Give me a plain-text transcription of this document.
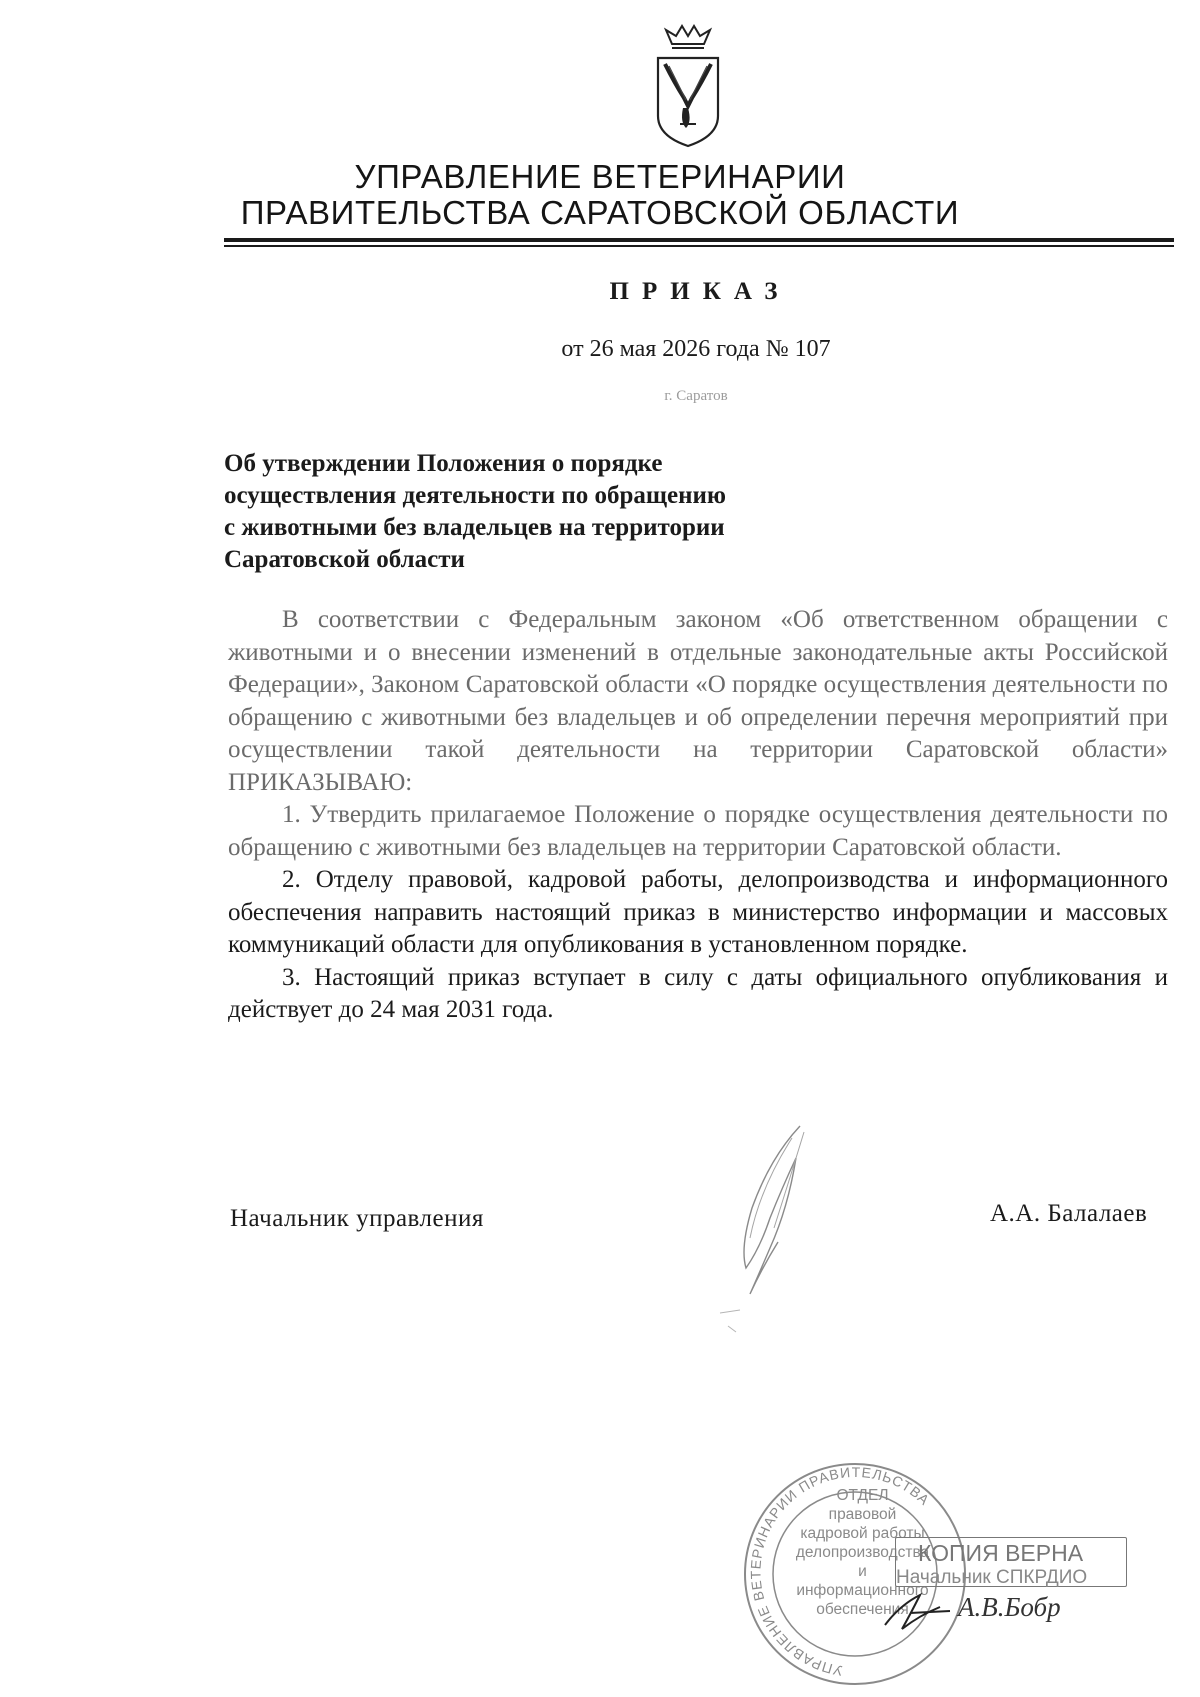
УПРАВЛЕНИЕ ВЕТЕРИНАРИИ
ПРАВИТЕЛЬСТВА САРАТОВСКОЙ ОБЛАСТИ
ПРИКАЗ
от 26 мая 2026 года № 107
г. Саратов
Об утверждении Положения о порядке
осуществления деятельности по обращению
с животными без владельцев на территории
Саратовской области

В соответствии с Федеральным законом «Об ответственном обращении с животными и о внесении изменений в отдельные законодательные акты Российской Федерации», Законом Саратовской области «О порядке осуществления деятельности по обращению с животными без владельцев и об определении перечня мероприятий при осуществлении такой деятельности на территории Саратовской области» ПРИКАЗЫВАЮ:

1. Утвердить прилагаемое Положение о порядке осуществления деятельности по обращению с животными без владельцев на территории Саратовской области.

2. Отделу правовой, кадровой работы, делопроизводства и информационного обеспечения направить настоящий приказ в министерство информации и массовых коммуникаций области для опубликования в установленном порядке.

3. Настоящий приказ вступает в силу с даты официального опубликования и действует до 24 мая 2031 года.

Начальник управления	А.А. Балалаев
УПРАВЛЕНИЕ ВЕТЕРИНАРИИ ПРАВИТЕЛЬСТВА
ОТДЕЛ
правовой
кадровой работы
делопроизводства
и
информационного
обеспечения
КОПИЯ ВЕРНА
Начальник СПКРДИО
А.В.Бобр
